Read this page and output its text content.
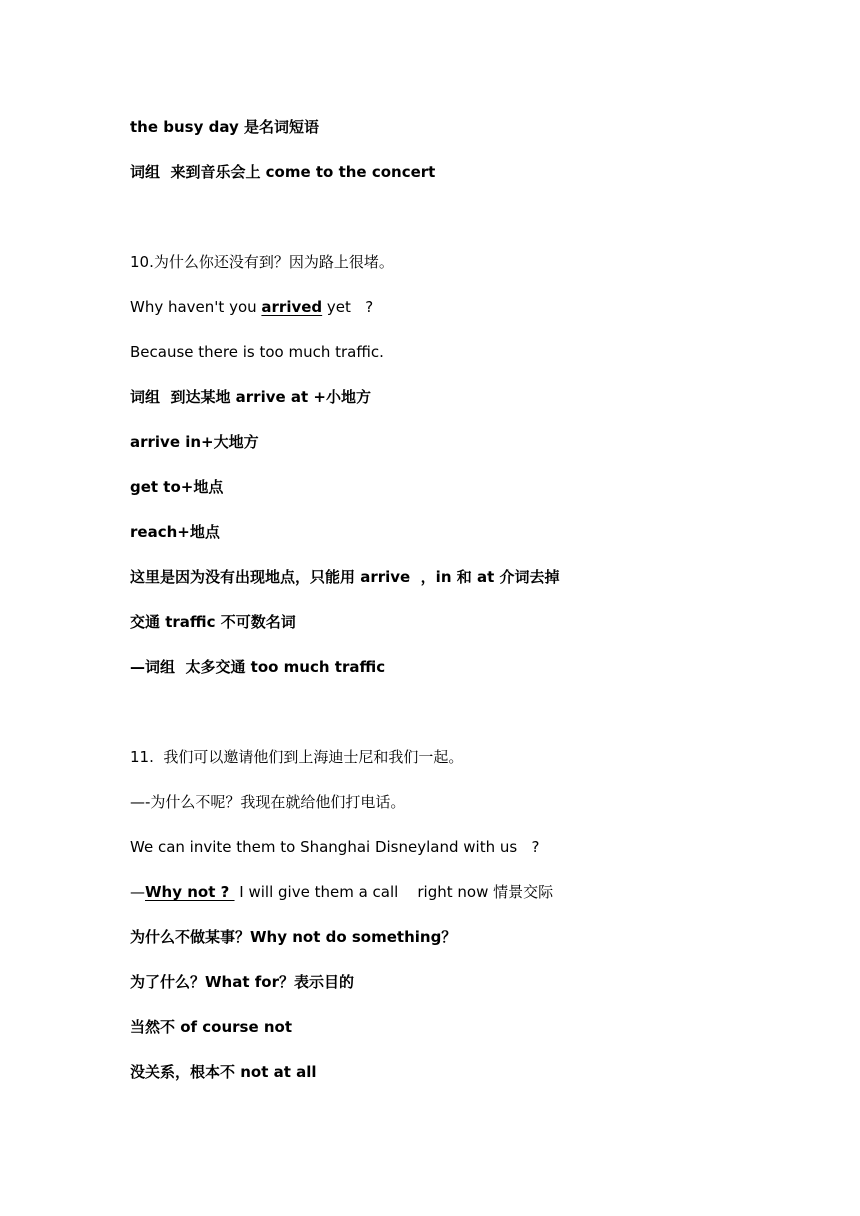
the busy day 是名词短语
词组  来到音乐会上 come to the concert
10.为什么你还没有到？因为路上很堵。
Why haven't you arrived yet   ?
Because there is too much traffic.
词组  到达某地 arrive at +小地方
arrive in+大地方
get to+地点
reach+地点
这里是因为没有出现地点，只能用 arrive  ，in 和 at 介词去掉
交通 traffic 不可数名词
—词组  太多交通 too much traffic
11.  我们可以邀请他们到上海迪士尼和我们一起。
—-为什么不呢？我现在就给他们打电话。
We can invite them to Shanghai Disneyland with us   ?
—Why not ?  I will give them a call    right now 情景交际
为什么不做某事？Why not do something？
为了什么？What for？表示目的
当然不 of course not
没关系，根本不 not at all
